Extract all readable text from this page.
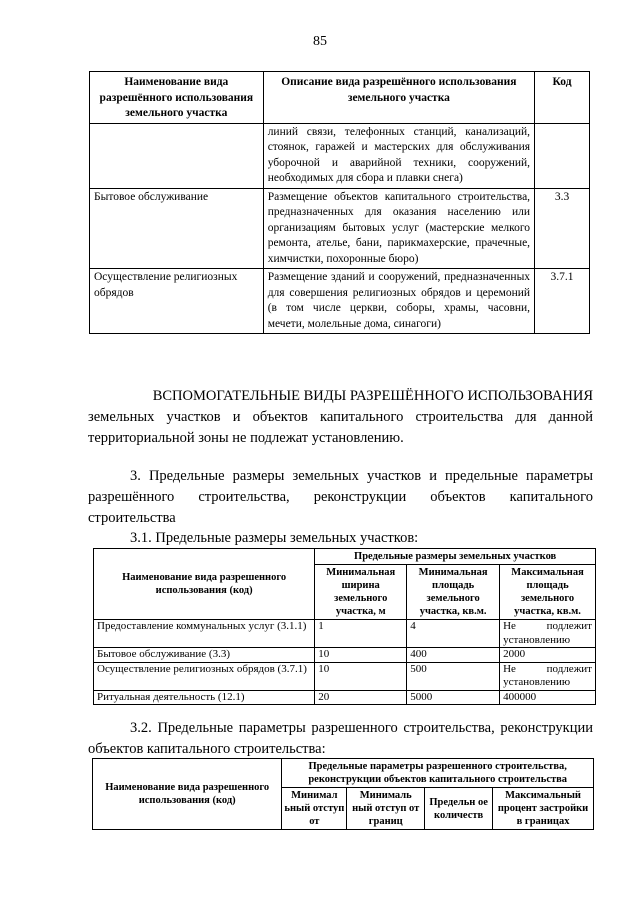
85
Наименование вида разрешённого использования земельного участка	Описание вида разрешённого использования земельного участка	Код
	линий связи, телефонных станций, канализаций, стоянок, гаражей и мастерских для обслуживания уборочной и аварийной техники, сооружений, необходимых для сбора и плавки снега)	
Бытовое обслуживание	Размещение объектов капитального строительства, предназначенных для оказания населению или организациям бытовых услуг (мастерские мелкого ремонта, ателье, бани, парикмахерские, прачечные, химчистки, похоронные бюро)	3.3
Осуществление религиозных обрядов	Размещение зданий и сооружений, предназначенных для совершения религиозных обрядов и церемоний (в том числе церкви, соборы, храмы, часовни, мечети, молельные дома, синагоги)	3.7.1
ВСПОМОГАТЕЛЬНЫЕ ВИДЫ РАЗРЕШЁННОГО ИСПОЛЬЗОВАНИЯ
земельных участков и объектов капитального строительства для данной территориальной зоны не подлежат установлению.
3. Предельные размеры земельных участков и предельные параметры разрешённого строительства, реконструкции объектов капитального строительства
3.1. Предельные размеры земельных участков:
Наименование вида разрешенного использования (код)	Предельные размеры земельных участков		
	Минимальная ширина земельного участка, м	Минимальная площадь земельного участка, кв.м.	Максимальная площадь земельного участка, кв.м.
Предоставление коммунальных услуг (3.1.1)	1	4	Не подлежит установлению
Бытовое обслуживание (3.3)	10	400	2000
Осуществление религиозных обрядов (3.7.1)	10	500	Не подлежит установлению
Ритуальная деятельность (12.1)	20	5000	400000
3.2. Предельные параметры разрешенного строительства, реконструкции объектов капитального строительства:
Наименование вида разрешенного использования (код)	Предельные параметры разрешенного строительства, реконструкции объектов капитального строительства			
	Минимал ьный отступ от	Минималь ный отступ от границ	Предельн ое количеств	Максимальный процент застройки в границах
